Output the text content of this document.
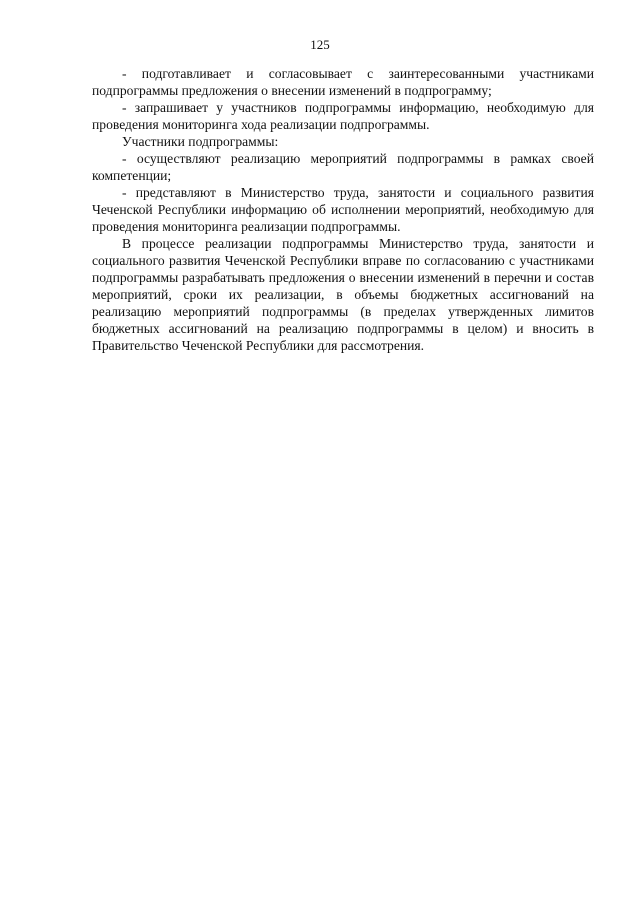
125

- подготавливает и согласовывает с заинтересованными участниками подпрограммы предложения о внесении изменений в подпрограмму;

- запрашивает у участников подпрограммы информацию, необходимую для проведения мониторинга хода реализации подпрограммы.

Участники подпрограммы:

- осуществляют реализацию мероприятий подпрограммы в рамках своей компетенции;

- представляют в Министерство труда, занятости и социального развития Чеченской Республики информацию об исполнении мероприятий, необходимую для проведения мониторинга реализации подпрограммы.

В процессе реализации подпрограммы Министерство труда, занятости и социального развития Чеченской Республики вправе по согласованию с участниками подпрограммы разрабатывать предложения о внесении изменений в перечни и состав мероприятий, сроки их реализации, в объемы бюджетных ассигнований на реализацию мероприятий подпрограммы (в пределах утвержденных лимитов бюджетных ассигнований на реализацию подпрограммы в целом) и вносить в Правительство Чеченской Республики для рассмотрения.
